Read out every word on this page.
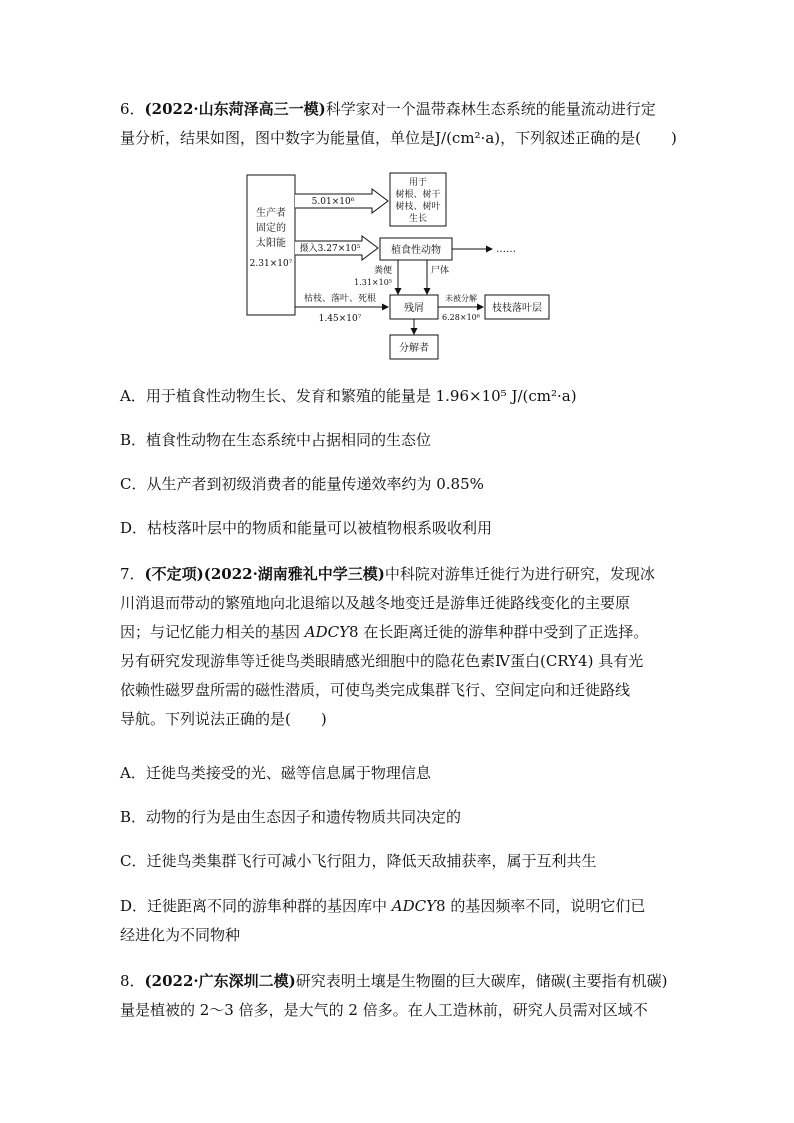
6．(2022·山东菏泽高三一模)科学家对一个温带森林生态系统的能量流动进行定
量分析，结果如图，图中数字为能量值，单位是J/(cm²·a)，下列叙述正确的是(　　)
生产者
固定的
太阳能
2.31×10⁷
用于
树根、树干
树枝、树叶
生长
5.01×10⁶
植食性动物
摄入3.27×10⁵	……
粪便
1.31×10⁵
尸体
残屑
枯枝、落叶、死根
1.45×10⁷
未被分解
6.28×10⁶
枝枝落叶层
分解者
A．用于植食性动物生长、发育和繁殖的能量是 1.96×10⁵ J/(cm²·a)
B．植食性动物在生态系统中占据相同的生态位
C．从生产者到初级消费者的能量传递效率约为 0.85%
D．枯枝落叶层中的物质和能量可以被植物根系吸收利用
7．(不定项)(2022·湖南雅礼中学三模)中科院对游隼迁徙行为进行研究，发现冰
川消退而带动的繁殖地向北退缩以及越冬地变迁是游隼迁徙路线变化的主要原
因；与记忆能力相关的基因 ADCY8 在长距离迁徙的游隼种群中受到了正选择。
另有研究发现游隼等迁徙鸟类眼睛感光细胞中的隐花色素Ⅳ蛋白(CRY4) 具有光
依赖性磁罗盘所需的磁性潜质，可使鸟类完成集群飞行、空间定向和迁徙路线
导航。下列说法正确的是(　　)
A．迁徙鸟类接受的光、磁等信息属于物理信息
B．动物的行为是由生态因子和遗传物质共同决定的
C．迁徙鸟类集群飞行可减小飞行阻力，降低天敌捕获率，属于互利共生
D．迁徙距离不同的游隼种群的基因库中 ADCY8 的基因频率不同，说明它们已
经进化为不同物种
8．(2022·广东深圳二模)研究表明土壤是生物圈的巨大碳库，储碳(主要指有机碳)
量是植被的 2～3 倍多，是大气的 2 倍多。在人工造林前，研究人员需对区域不
